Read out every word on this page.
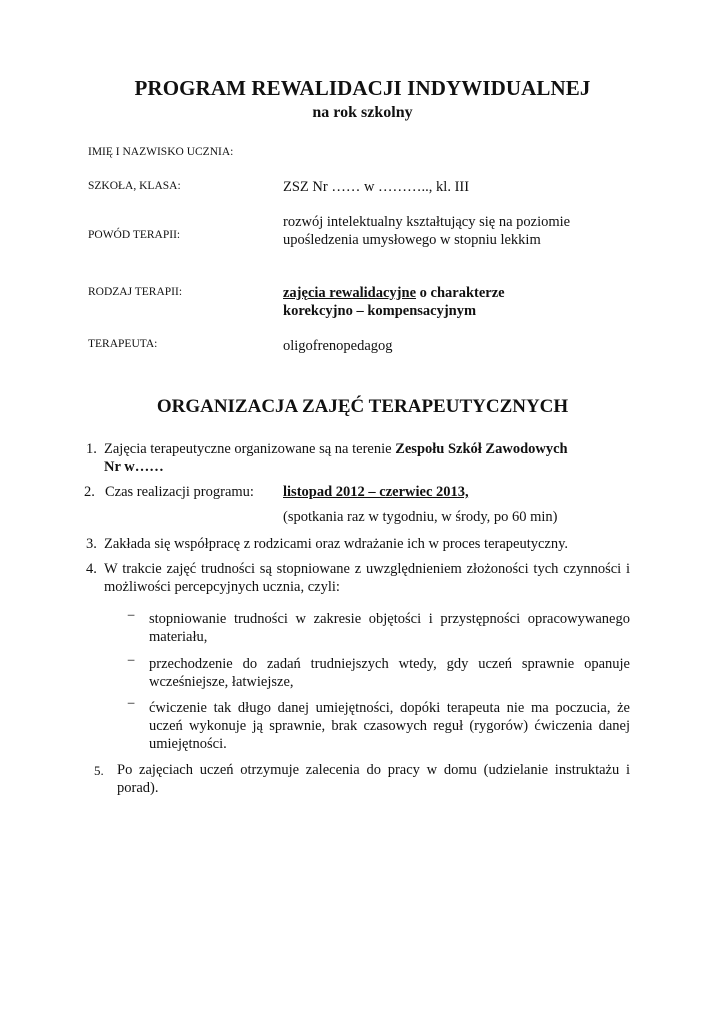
PROGRAM REWALIDACJI INDYWIDUALNEJ
na rok szkolny
IMIĘ I NAZWISKO UCZNIA:
SZKOŁA, KLASA:	ZSZ Nr …… w ……….., kl. III
POWÓD TERAPII:
rozwój intelektualny kształtujący się na poziomie upośledzenia umysłowego w stopniu lekkim
RODZAJ TERAPII:	zajęcia rewalidacyjne o charakterze
korekcyjno – kompensacyjnym
TERAPEUTA:	oligofrenopedagog
ORGANIZACJA ZAJĘĆ TERAPEUTYCZNYCH
1. Zajęcia terapeutyczne organizowane są na terenie Zespołu Szkół Zawodowych
Nr w……
2. Czas realizacji programu: listopad 2012 – czerwiec 2013,
(spotkania raz w tygodniu, w środy, po 60 min)
3. Zakłada się współpracę z rodzicami oraz wdrażanie ich w proces terapeutyczny.
4. W trakcie zajęć trudności są stopniowane z uwzględnieniem złożoności tych czynności i możliwości percepcyjnych ucznia, czyli:
− stopniowanie trudności w zakresie objętości i przystępności opracowywanego materiału,
− przechodzenie do zadań trudniejszych wtedy, gdy uczeń sprawnie opanuje wcześniejsze, łatwiejsze,
− ćwiczenie tak długo danej umiejętności, dopóki terapeuta nie ma poczucia, że uczeń wykonuje ją sprawnie, brak czasowych reguł (rygorów) ćwiczenia danej umiejętności.
5. Po zajęciach uczeń otrzymuje zalecenia do pracy w domu (udzielanie instruktażu i porad).
